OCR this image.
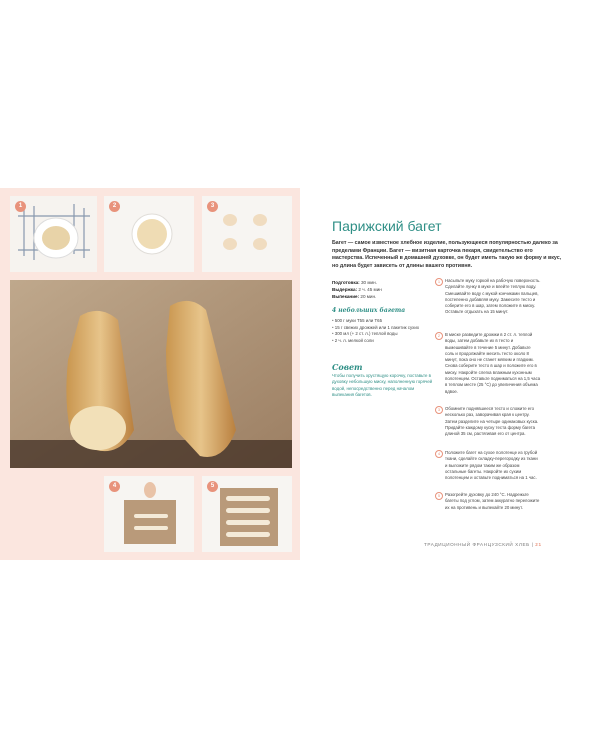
1	2	3
4	5
Парижский багет
Багет — самое известное хлебное изделие, пользующееся популярностью далеко за пределами Франции. Багет — визитная карточка пекаря, свидетельство его мастерства. Испеченный в домашней духовке, он будет иметь такую же форму и вкус, но длина будет зависеть от длины вашего противня.
Подготовка: 30 мин.
Выдержка: 2 ч. 45 мин
Выпекание: 20 мин.
4 небольших багета
• 500 г муки Т55 или Т65
• 15 г свежих дрожжей или 1 пакетик сухих
• 300 мл (+ 2 ст. л.) теплой воды
• 2 ч. л. мелкой соли
Совет
Чтобы получить хрустящую корочку, поставьте в духовку небольшую миску, наполненную горячей водой, непосредственно перед началом выпекания багетов.
1	Насыпьте муку горкой на рабочую поверхность. Сделайте лунку в муке и влейте теплую воду. Смешивайте воду с мукой кончиками пальцев, постепенно добавляя муку. Замесите тесто и соберите его в шар, затем положите в миску. Оставьте отдыхать на 15 минут.
2	В миске разведите дрожжи в 2 ст. л. теплой воды, затем добавьте их в тесто и вымешивайте в течение 5 минут. Добавьте соль и продолжайте месить тесто около 8 минут, пока оно не станет мягким и гладким. Снова соберите тесто в шар и положите его в миску. Накройте слегка влажным кухонным полотенцем. Оставьте подниматься на 1,5 часа в теплом месте (25 °C) до увеличения объема вдвое.
3	Обомните поднявшееся тесто и сложите его несколько раз, заворачивая края к центру. Затем разделите на четыре одинаковых куска. Придайте каждому куску теста форму багета длиной 35 см, растягивая его от центра.
4	Положите багет на сухое полотенце из грубой ткани, сделайте складку-перегородку из ткани и выложите рядом таким же образом остальные багеты. Накройте их сухим полотенцем и оставьте подниматься на 1 час.
5	Разогрейте духовку до 240 °C. Надрежьте багеты под углом, затем аккуратно переложите их на противень и выпекайте 20 минут.
ТРАДИЦИОННЫЙ ФРАНЦУЗСКИЙ ХЛЕБ | 21
